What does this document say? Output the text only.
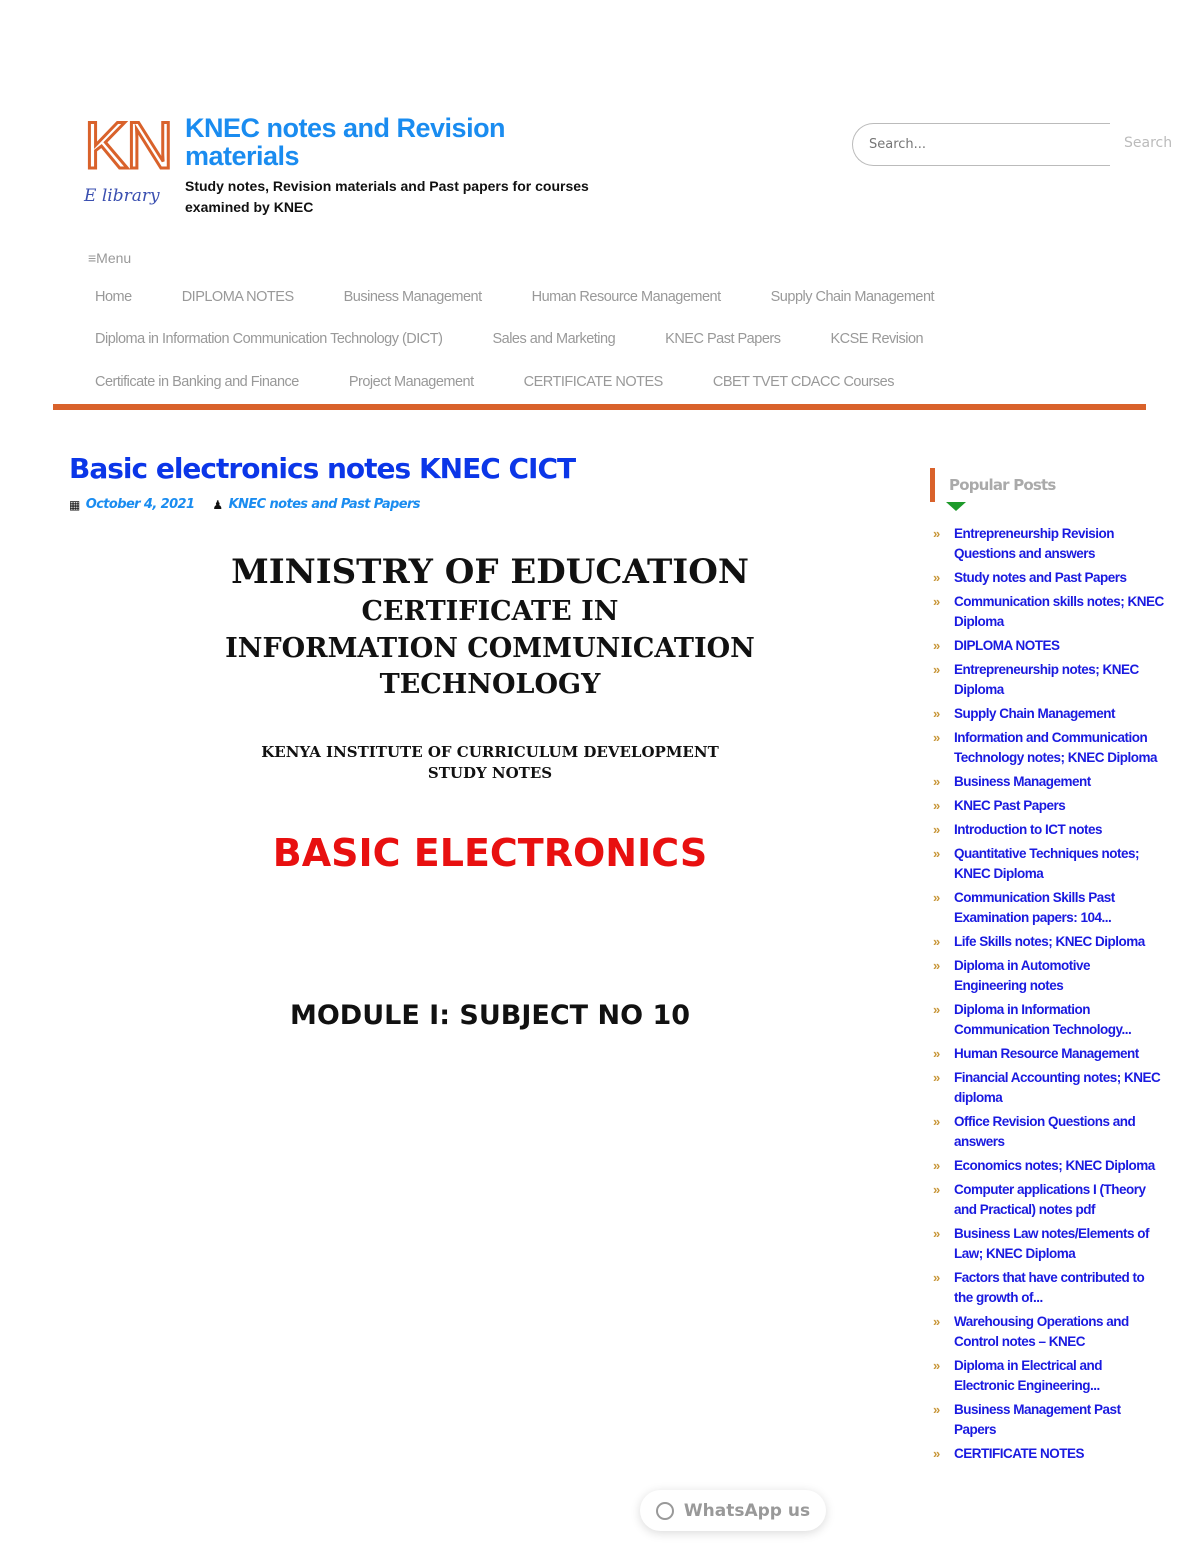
KN
E library
KNEC notes and Revision materials
Study notes, Revision materials and Past papers for courses examined by KNEC
Search...
Search
≡Menu
Home	DIPLOMA NOTES	Business Management	Human Resource Management	Supply Chain Management
Diploma in Information Communication Technology (DICT)	Sales and Marketing	KNEC Past Papers	KCSE Revision
Certificate in Banking and Finance	Project Management	CERTIFICATE NOTES	CBET TVET CDACC Courses
Basic electronics notes KNEC CICT
▦ October 4, 2021 ♟ KNEC notes and Past Papers
MINISTRY OF EDUCATION
CERTIFICATE IN
INFORMATION COMMUNICATION
TECHNOLOGY
KENYA INSTITUTE OF CURRICULUM DEVELOPMENT
STUDY NOTES
BASIC ELECTRONICS
MODULE I: SUBJECT NO 10
Popular Posts
»	Entrepreneurship Revision Questions and answers
»	Study notes and Past Papers
»	Communication skills notes; KNEC Diploma
»	DIPLOMA NOTES
»	Entrepreneurship notes; KNEC Diploma
»	Supply Chain Management
»	Information and Communication Technology notes; KNEC Diploma
»	Business Management
»	KNEC Past Papers
»	Introduction to ICT notes
»	Quantitative Techniques notes; KNEC Diploma
»	Communication Skills Past Examination papers: 104...
»	Life Skills notes; KNEC Diploma
»	Diploma in Automotive Engineering notes
»	Diploma in Information Communication Technology...
»	Human Resource Management
»	Financial Accounting notes; KNEC diploma
»	Office Revision Questions and answers
»	Economics notes; KNEC Diploma
»	Computer applications I (Theory and Practical) notes pdf
»	Business Law notes/Elements of Law; KNEC Diploma
»	Factors that have contributed to the growth of...
»	Warehousing Operations and Control notes – KNEC
»	Diploma in Electrical and Electronic Engineering...
»	Business Management Past Papers
»	CERTIFICATE NOTES
WhatsApp us
